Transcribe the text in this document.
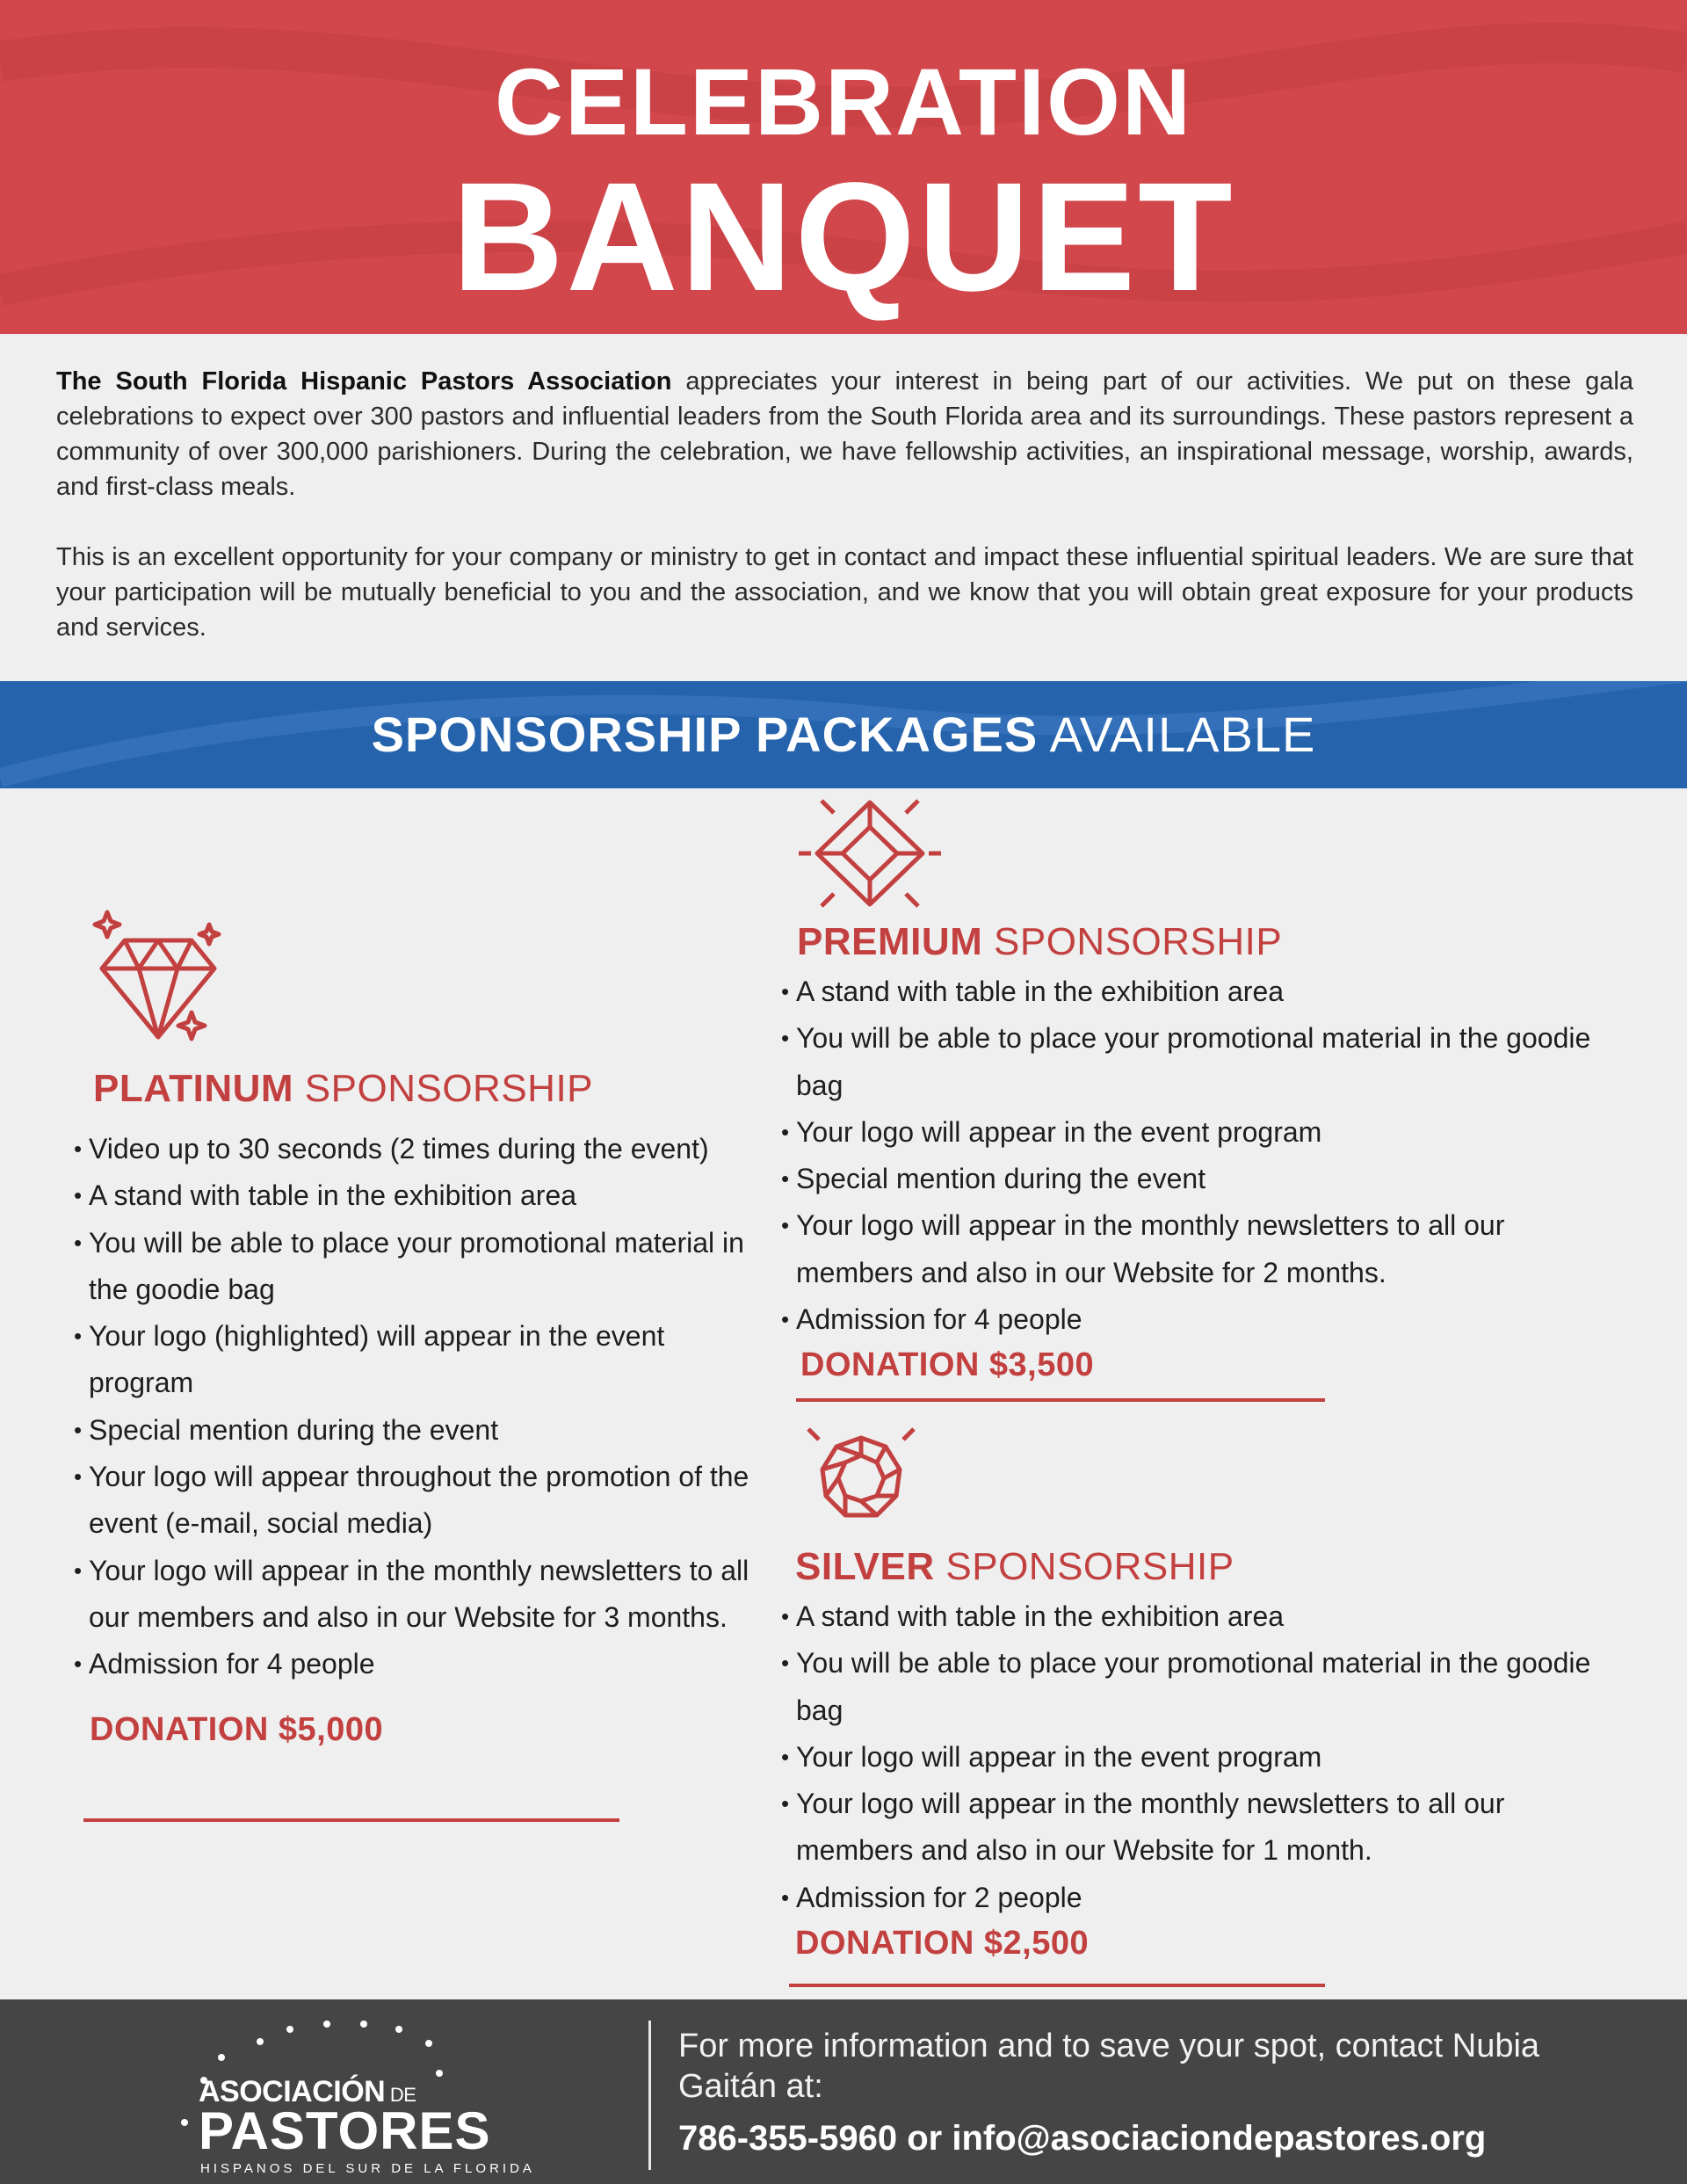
CELEBRATION
BANQUET

The South Florida Hispanic Pastors Association appreciates your interest in being part of our activities. We put on these gala celebrations to expect over 300 pastors and influential leaders from the South Florida area and its surroundings. These pastors represent a community of over 300,000 parishioners. During the celebration, we have fellowship activities, an inspirational message, worship, awards, and first-class meals.

This is an excellent opportunity for your company or ministry to get in contact and impact these influential spiritual leaders. We are sure that your participation will be mutually beneficial to you and the association, and we know that you will obtain great exposure for your products and services.

SPONSORSHIP PACKAGES AVAILABLE
PLATINUM SPONSORSHIP
• Video up to 30 seconds (2 times during the event)
• A stand with table in the exhibition area
• You will be able to place your promotional material in the goodie bag
• Your logo (highlighted) will appear in the event program
• Special mention during the event
• Your logo will appear throughout the promotion of the event (e-mail, social media)
• Your logo will appear in the monthly newsletters to all our members and also in our Website for 3 months.
• Admission for 4 people
DONATION $5,000
PREMIUM SPONSORSHIP
• A stand with table in the exhibition area
• You will be able to place your promotional material in the goodie bag
• Your logo will appear in the event program
• Special mention during the event
• Your logo will appear in the monthly newsletters to all our members and also in our Website for 2 months.
• Admission for 4 people
DONATION $3,500
SILVER SPONSORSHIP
• A stand with table in the exhibition area
• You will be able to place your promotional material in the goodie bag
• Your logo will appear in the event program
• Your logo will appear in the monthly newsletters to all our members and also in our Website for 1 month.
• Admission for 2 people
DONATION $2,500
ASOCIACIÓN DE
PASTORES
HISPANOS DEL SUR DE LA FLORIDA
For more information and to save your spot, contact Nubia Gaitán at:
786-355-5960 or info@asociaciondepastores.org
